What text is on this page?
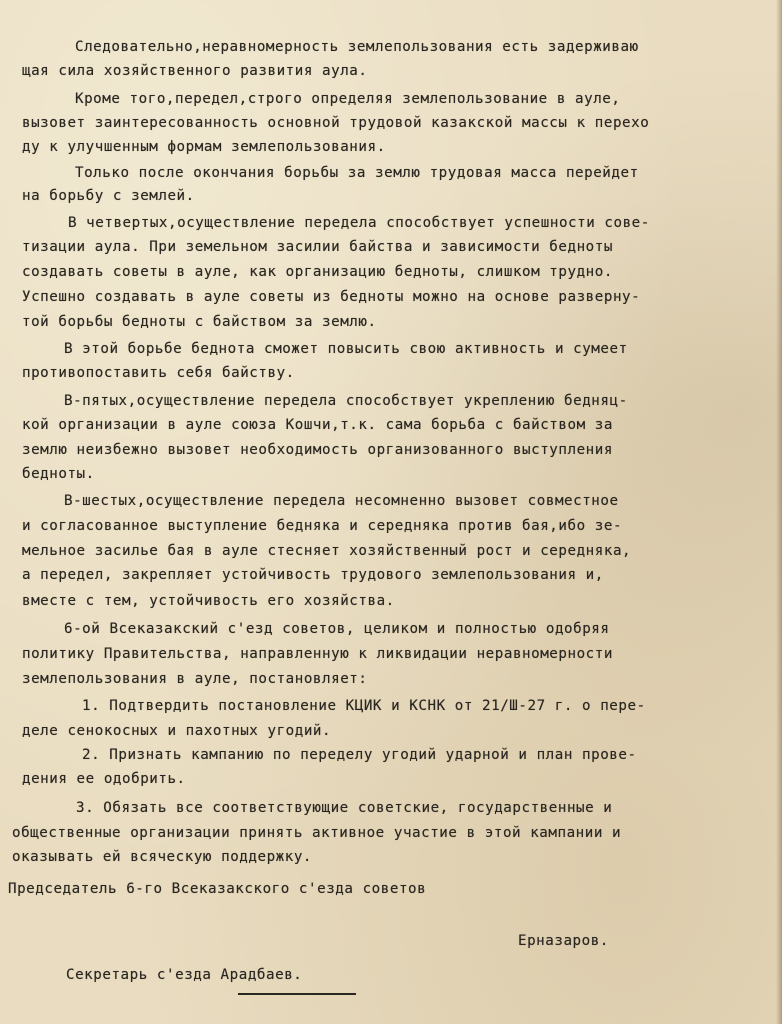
Следовательно,неравномерность землепользования есть задерживаю
щая сила хозяйственного развития аула.
Кроме того,передел,строго определяя землепользование в ауле,
вызовет заинтересованность основной трудовой казакской массы к перехо
ду к улучшенным формам землепользования.
Только после окончания борьбы за землю трудовая масса перейдет
на борьбу с землей.
В четвертых,осуществление передела способствует успешности сове-
тизации аула. При земельном засилии байства и зависимости бедноты
создавать советы в ауле, как организацию бедноты, слишком трудно.
Успешно создавать в ауле советы из бедноты можно на основе разверну-
той борьбы бедноты с байством за землю.
В этой борьбе беднота сможет повысить свою активность и сумеет
противопоставить себя байству.
В-пятых,осуществление передела способствует укреплению бедняц-
кой организации в ауле союза Кошчи,т.к. сама борьба с байством за
землю неизбежно вызовет необходимость организованного выступления
бедноты.
В-шестых,осуществление передела несомненно вызовет совместное
и согласованное выступление бедняка и середняка против бая,ибо зе-
мельное засилье бая в ауле стесняет хозяйственный рост и середняка,
а передел, закрепляет устойчивость трудового землепользования и,
вместе с тем, устойчивость его хозяйства.
6-ой Всеказакский с'езд советов, целиком и полностью одобряя
политику Правительства, направленную к ликвидации неравномерности
землепользования в ауле, постановляет:
1. Подтвердить постановление КЦИК и КСНК от 21/Ш-27 г. о пере-
деле сенокосных и пахотных угодий.
2. Признать кампанию по переделу угодий ударной и план прове-
дения ее одобрить.
3. Обязать все соответствующие советские, государственные и
общественные организации принять активное участие в этой кампании и
оказывать ей всяческую поддержку.
Председатель 6-го Всеказакского с'езда советов
Ерназаров.
Секретарь с'езда Арадбаев.
